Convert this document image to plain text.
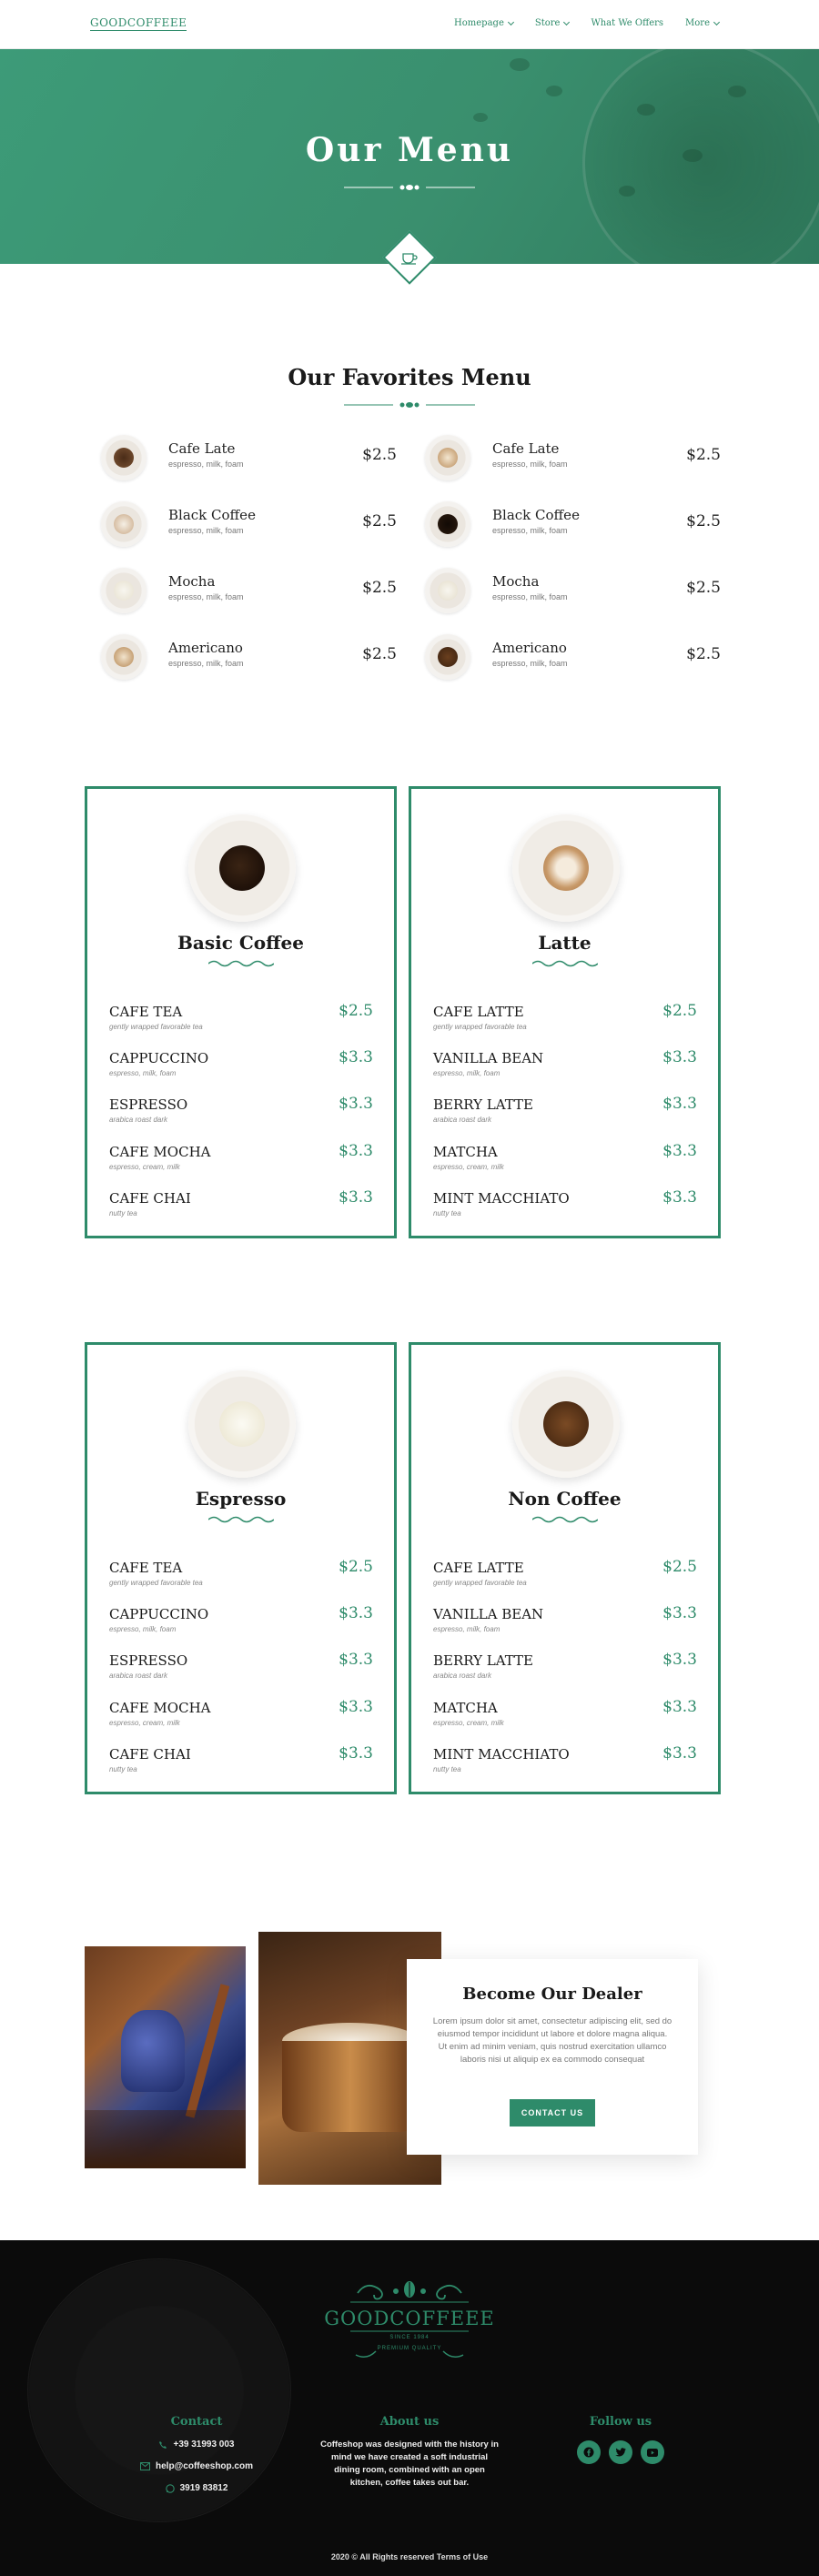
GOODCOFFEEE	Homepage	Store	What We Offers More
Our Menu
Our Favorites Menu
Cafe Late
espresso, milk, foam	$2.5
Black Coffee
espresso, milk, foam	$2.5
Mocha
espresso, milk, foam	$2.5
Americano
espresso, milk, foam	$2.5
Cafe Late
espresso, milk, foam	$2.5
Black Coffee
espresso, milk, foam	$2.5
Mocha
espresso, milk, foam	$2.5
Americano
espresso, milk, foam	$2.5
Basic Coffee
CAFE TEA
gently wrapped favorable tea
$2.5
CAPPUCCINO
espresso, milk, foam
$3.3
ESPRESSO
arabica roast dark
$3.3
CAFE MOCHA
espresso, cream, milk
$3.3
CAFE CHAI
nutty tea
$3.3
Latte
CAFE LATTE
gently wrapped favorable tea
$2.5
VANILLA BEAN
espresso, milk, foam
$3.3
BERRY LATTE
arabica roast dark
$3.3
MATCHA
espresso, cream, milk
$3.3
MINT MACCHIATO
nutty tea
$3.3
Espresso
CAFE TEA
gently wrapped favorable tea
$2.5
CAPPUCCINO
espresso, milk, foam
$3.3
ESPRESSO
arabica roast dark
$3.3
CAFE MOCHA
espresso, cream, milk
$3.3
CAFE CHAI
nutty tea
$3.3
Non Coffee
CAFE LATTE
gently wrapped favorable tea
$2.5
VANILLA BEAN
espresso, milk, foam
$3.3
BERRY LATTE
arabica roast dark
$3.3
MATCHA
espresso, cream, milk
$3.3
MINT MACCHIATO
nutty tea
$3.3
Become Our Dealer
Lorem ipsum dolor sit amet, consectetur adipiscing elit, sed do eiusmod tempor incididunt ut labore et dolore magna aliqua. Ut enim ad minim veniam, quis nostrud exercitation ullamco laboris nisi ut aliquip ex ea commodo consequat
CONTACT US
GOODCOFFEEE
SINCE 1984
PREMIUM QUALITY
Contact
+39 31993 003
help@coffeeshop.com
3919 83812
About us
Coffeshop was designed with the history in mind we have created a soft industrial dining room, combined with an open kitchen, coffee takes out bar.
Follow us
2020 © All Rights reserved Terms of Use
